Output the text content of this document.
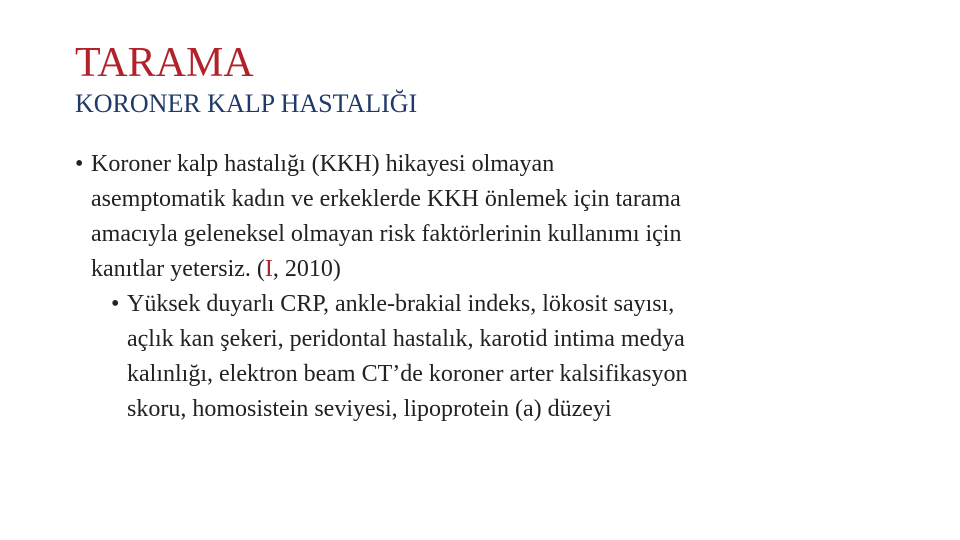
TARAMA
KORONER KALP HASTALIĞI
• Koroner kalp hastalığı (KKH) hikayesi olmayan
asemptomatik kadın ve erkeklerde KKH önlemek için tarama
amacıyla geleneksel olmayan risk faktörlerinin kullanımı için
kanıtlar yetersiz. (I, 2010)
• Yüksek duyarlı CRP, ankle-brakial indeks, lökosit sayısı,
açlık kan şekeri, peridontal hastalık, karotid intima medya
kalınlığı, elektron beam CT’de koroner arter kalsifikasyon
skoru, homosistein seviyesi, lipoprotein (a) düzeyi
